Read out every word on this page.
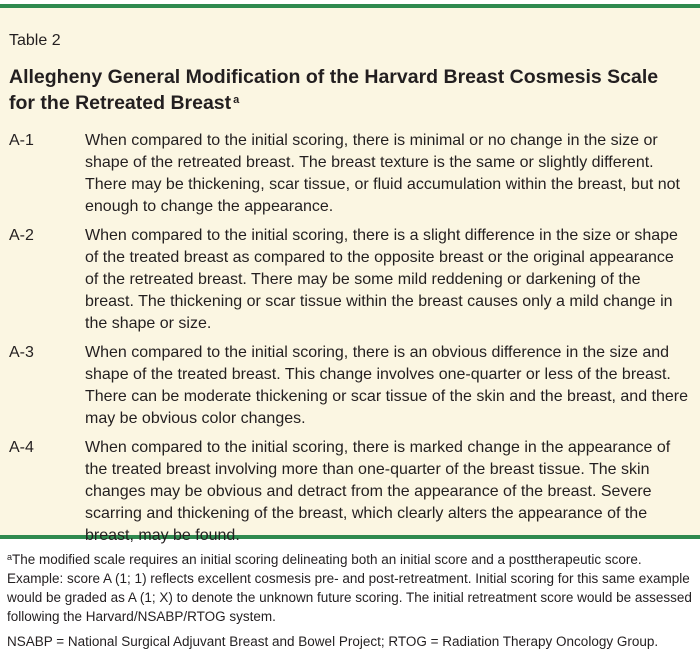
Table 2

Allegheny General Modification of the Harvard Breast Cosmesis Scale for the Retreated Breast $^a$
A-1	When compared to the initial scoring, there is minimal or no change in the size or shape of the retreated breast. The breast texture is the same or slightly different. There may be thickening, scar tissue, or fluid accumulation within the breast, but not enough to change the appearance.

A-2	When compared to the initial scoring, there is a slight difference in the size or shape of the treated breast as compared to the opposite breast or the original appearance of the retreated breast. There may be some mild reddening or darkening of the breast. The thickening or scar tissue within the breast causes only a mild change in the shape or size.

A-3	When compared to the initial scoring, there is an obvious difference in the size and shape of the treated breast. This change involves one-quarter or less of the breast. There can be moderate thickening or scar tissue of the skin and the breast, and there may be obvious color changes.

A-4	When compared to the initial scoring, there is marked change in the appearance of the treated breast involving more than one-quarter of the breast tissue. The skin changes may be obvious and detract from the appearance of the breast. Severe scarring and thickening of the breast, which clearly alters the appearance of the breast, may be found.

$^a$The modified scale requires an initial scoring delineating both an initial score and a posttherapeutic score. Example: score A (1; 1) reflects excellent cosmesis pre- and post-retreatment. Initial scoring for this same example would be graded as A (1; X) to denote the unknown future scoring. The initial retreatment score would be assessed following the Harvard/NSABP/RTOG system.

NSABP = National Surgical Adjuvant Breast and Bowel Project; RTOG = Radiation Therapy Oncology Group.
